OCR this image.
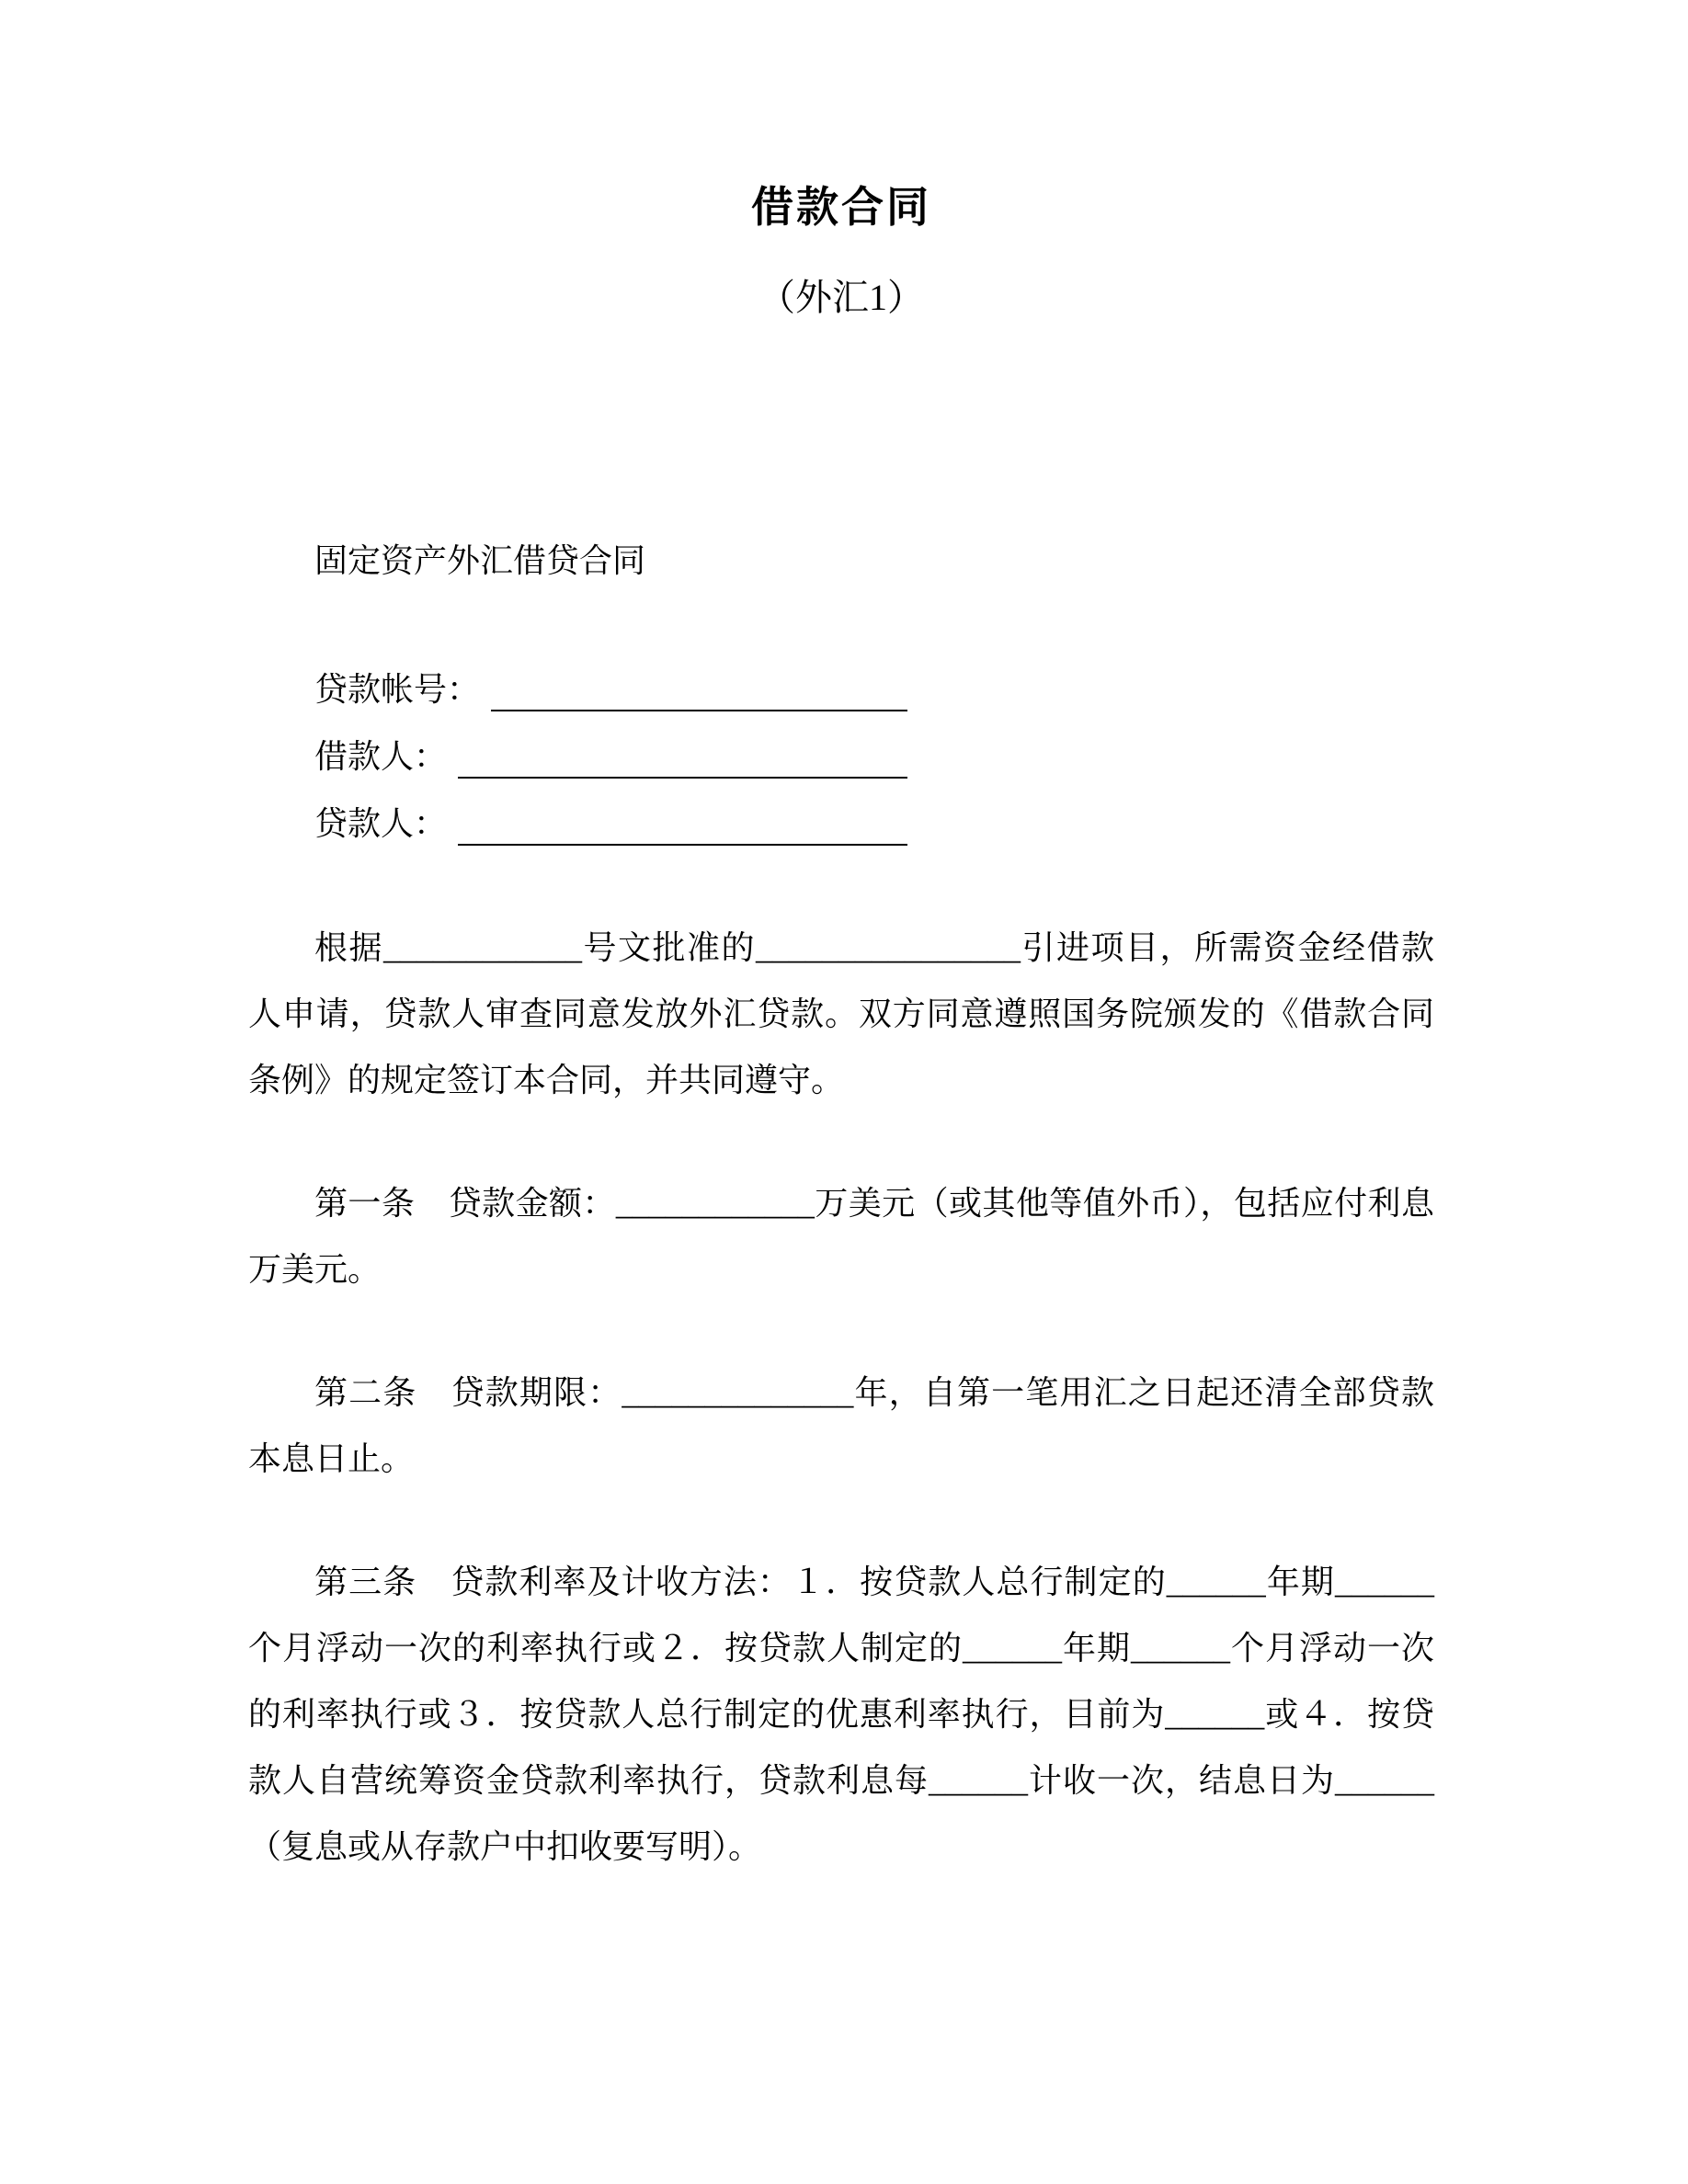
借款合同
（外汇1）
固定资产外汇借贷合同
贷款帐号：
借款人：
贷款人：

根据____________号文批准的________________引进项目，所需资金经借款人申请，贷款人审查同意发放外汇贷款。双方同意遵照国务院颁发的《借款合同条例》的规定签订本合同，并共同遵守。

第一条　贷款金额：____________万美元（或其他等值外币），包括应付利息万美元。

第二条　贷款期限：______________年，自第一笔用汇之日起还清全部贷款本息日止。

第三条　贷款利率及计收方法：１．按贷款人总行制定的______年期______个月浮动一次的利率执行或２．按贷款人制定的______年期______个月浮动一次的利率执行或３．按贷款人总行制定的优惠利率执行，目前为______或４．按贷款人自营统筹资金贷款利率执行，贷款利息每______计收一次，结息日为______（复息或从存款户中扣收要写明）。
